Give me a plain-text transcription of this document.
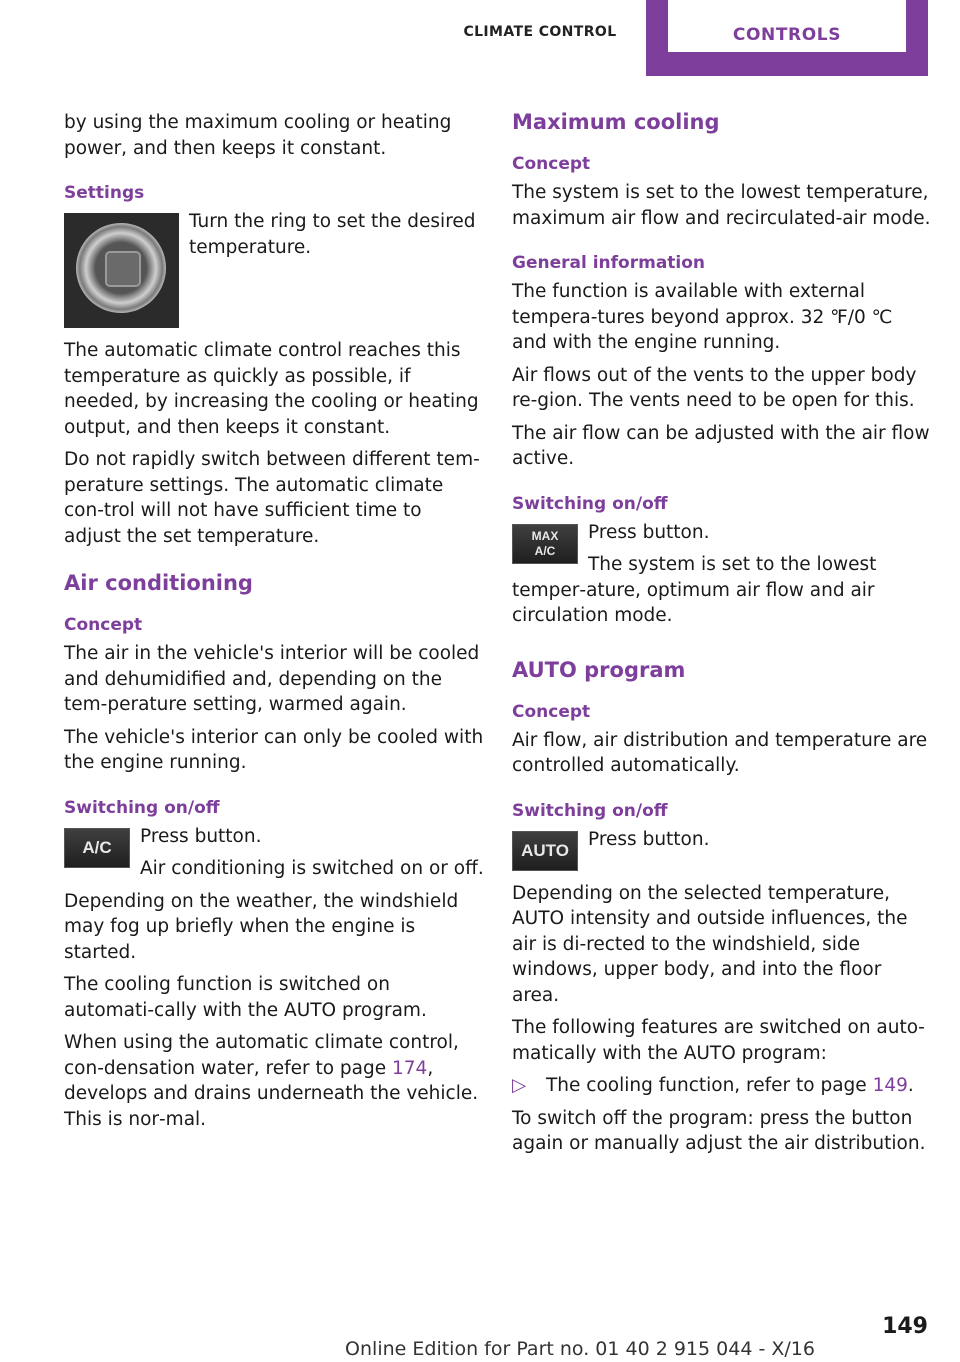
CLIMATE CONTROL	CONTROLS

by using the maximum cooling or heating power, and then keeps it constant.

Settings

Turn the ring to set the desired temperature.

The automatic climate control reaches this temperature as quickly as possible, if needed, by increasing the cooling or heating output, and then keeps it constant.

Do not rapidly switch between different tem‐perature settings. The automatic climate con‐trol will not have sufficient time to adjust the set temperature.

Air conditioning
Concept

The air in the vehicle's interior will be cooled and dehumidified and, depending on the tem‐perature setting, warmed again.

The vehicle's interior can only be cooled with the engine running.

Switching on/off
A/C

Press button.

Air conditioning is switched on or off.

Depending on the weather, the windshield may fog up briefly when the engine is started.

The cooling function is switched on automati‐cally with the AUTO program.

When using the automatic climate control, con‐densation water, refer to page 174, develops and drains underneath the vehicle. This is nor‐mal.

Maximum cooling
Concept

The system is set to the lowest temperature, maximum air flow and recirculated-air mode.

General information

The function is available with external tempera‐tures beyond approx. 32 ℉/0 ℃ and with the engine running.

Air flows out of the vents to the upper body re‐gion. The vents need to be open for this.

The air flow can be adjusted with the air flow active.

Switching on/off
MAX
A/C

Press button.

The system is set to the lowest temper‐ature, optimum air flow and air circulation mode.

AUTO program
Concept

Air flow, air distribution and temperature are controlled automatically.

Switching on/off
AUTO

Press button.

Depending on the selected temperature, AUTO intensity and outside influences, the air is di‐rected to the windshield, side windows, upper body, and into the floor area.

The following features are switched on auto‐matically with the AUTO program:

▷	The cooling function, refer to page 149.

To switch off the program: press the button again or manually adjust the air distribution.

149
Online Edition for Part no. 01 40 2 915 044 - X/16
